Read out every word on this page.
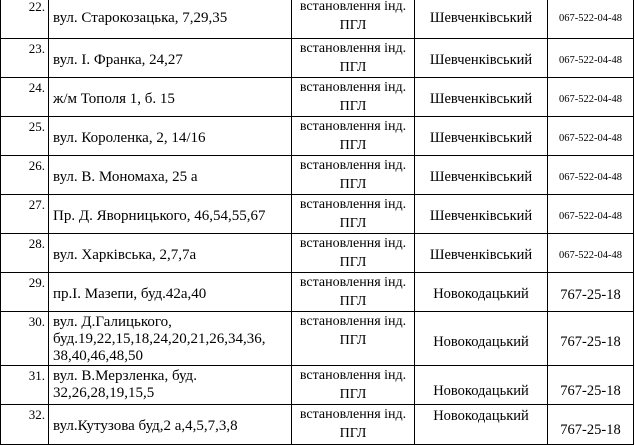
22.	вул. Старокозацька, 7,29,35	встановлення інд.
ПГЛ	Шевченківський	067-522-04-48
23.	вул. І. Франка, 24,27	встановлення інд.
ПГЛ	Шевченківський	067-522-04-48
24.	ж/м Тополя 1, б. 15	встановлення інд.
ПГЛ	Шевченківський	067-522-04-48
25.	вул. Короленка, 2, 14/16	встановлення інд.
ПГЛ	Шевченківський	067-522-04-48
26.	вул. В. Мономаха, 25 а	встановлення інд.
ПГЛ	Шевченківський	067-522-04-48
27.	Пр. Д. Яворницького, 46,54,55,67	встановлення інд.
ПГЛ	Шевченківський	067-522-04-48
28.	вул. Харківська, 2,7,7а	встановлення інд.
ПГЛ	Шевченківський	067-522-04-48
29.	пр.І. Мазепи, буд.42а,40	встановлення інд.
ПГЛ	Новокодацький	767-25-18
30.	вул. Д.Галицького,
буд.19,22,15,18,24,20,21,26,34,36,
38,40,46,48,50	встановлення інд.
ПГЛ	Новокодацький	767-25-18
31.	вул. В.Мерзленка, буд.
32,26,28,19,15,5	встановлення інд.
ПГЛ	Новокодацький	767-25-18
32.	вул.Кутузова буд,2 а,4,5,7,3,8	встановлення інд.
ПГЛ	Новокодацький	767-25-18
